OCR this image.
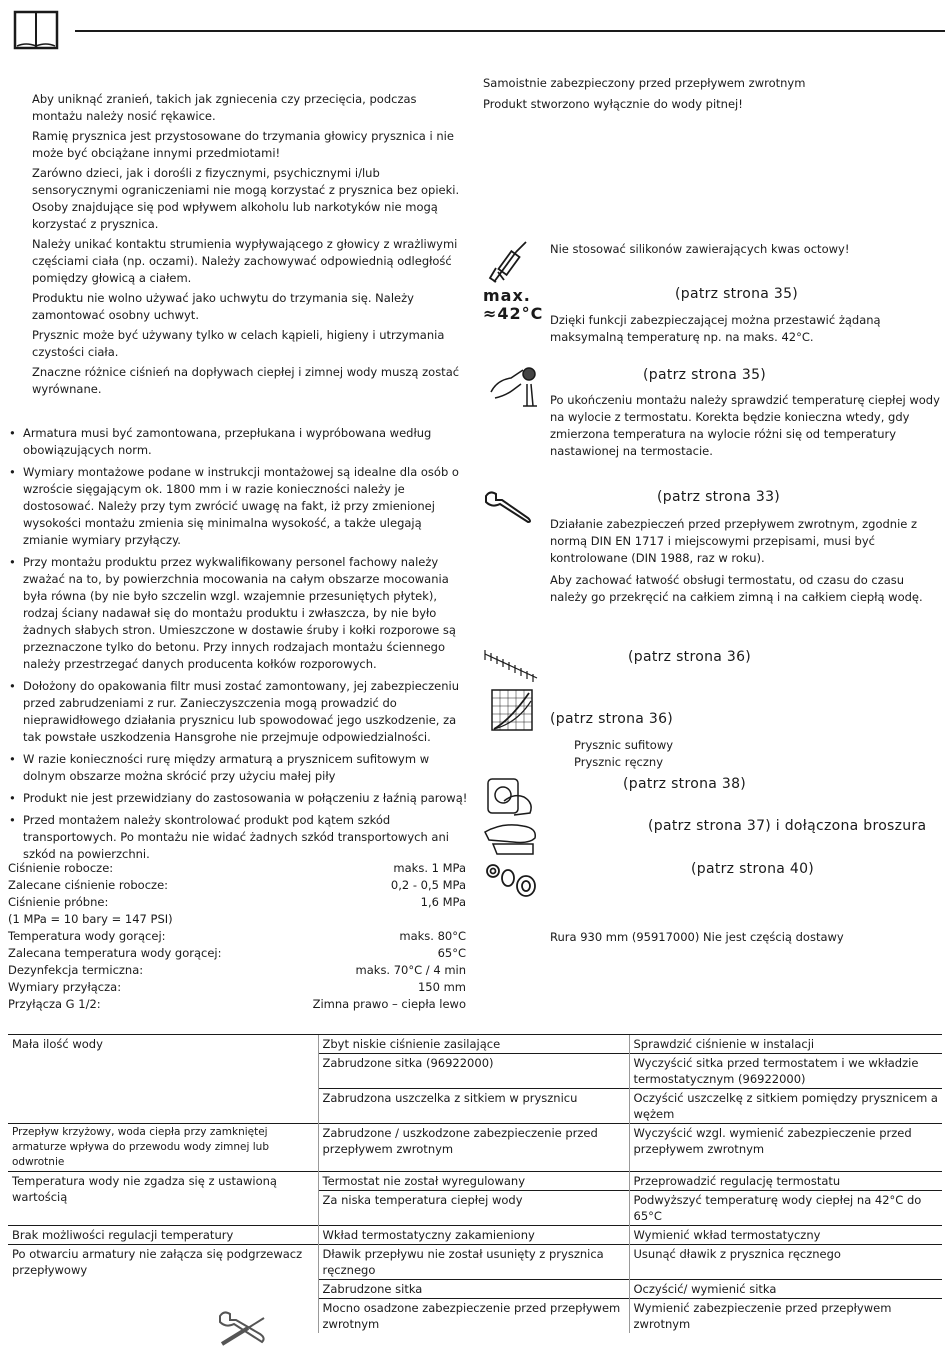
Aby uniknąć zranień, takich jak zgniecenia czy przecięcia, podczas montażu należy nosić rękawice.

Ramię prysznica jest przystosowane do trzymania głowicy prysznica i nie może być obciążane innymi przedmiotami!

Zarówno dzieci, jak i dorośli z fizycznymi, psychicznymi i/lub sensorycznymi ograniczeniami nie mogą korzystać z prysznica bez opieki. Osoby znajdujące się pod wpływem alkoholu lub narkotyków nie mogą korzystać z prysznica.

Należy unikać kontaktu strumienia wypływającego z głowicy z wrażliwymi częściami ciała (np. oczami). Należy zachowywać odpowiednią odległość pomiędzy głowicą a ciałem.

Produktu nie wolno używać jako uchwytu do trzymania się. Należy zamontować osobny uchwyt.

Prysznic może być używany tylko w celach kąpieli, higieny i utrzymania czystości ciała.

Znaczne różnice ciśnień na dopływach ciepłej i zimnej wody muszą zostać wyrównane.

• Armatura musi być zamontowana, przepłukana i wypróbowana według obowiązujących norm.
• Wymiary montażowe podane w instrukcji montażowej są idealne dla osób o wzroście sięgającym ok. 1800 mm i w razie konieczności należy je dostosować. Należy przy tym zwrócić uwagę na fakt, iż przy zmienionej wysokości montażu zmienia się minimalna wysokość, a także ulegają zmianie wymiary przyłączy.
• Przy montażu produktu przez wykwalifikowany personel fachowy należy zważać na to, by powierzchnia mocowania na całym obszarze mocowania była równa (by nie było szczelin wzgl. wzajemnie przesuniętych płytek), rodzaj ściany nadawał się do montażu produktu i zwłaszcza, by nie było żadnych słabych stron. Umieszczone w dostawie śruby i kołki rozporowe są przeznaczone tylko do betonu. Przy innych rodzajach montażu ściennego należy przestrzegać danych producenta kołków rozporowych.
• Dołożony do opakowania filtr musi zostać zamontowany, jej zabezpieczeniu przed zabrudzeniami z rur. Zanieczyszczenia mogą prowadzić do nieprawidłowego działania prysznicu lub spowodować jego uszkodzenie, za tak powstałe uszkodzenia Hansgrohe nie przejmuje odpowiedzialności.
• W razie konieczności rurę między armaturą a prysznicem sufitowym w dolnym obszarze można skrócić przy użyciu małej piły
• Produkt nie jest przewidziany do zastosowania w połączeniu z łaźnią parową!
• Przed montażem należy skontrolować produkt pod kątem szkód transportowych. Po montażu nie widać żadnych szkód transportowych ani szkód na powierzchni.
Ciśnienie robocze:	maks. 1 MPa
Zalecane ciśnienie robocze:	0,2 - 0,5 MPa
Ciśnienie próbne:	1,6 MPa
(1 MPa = 10 bary = 147 PSI)
Temperatura wody gorącej:	maks. 80°C
Zalecana temperatura wody gorącej:	65°C
Dezynfekcja termiczna:	maks. 70°C / 4 min
Wymiary przyłącza:	150 mm
Przyłącza G 1/2:	Zimna prawo – ciepła lewo

Samoistnie zabezpieczony przed przepływem zwrotnym

Produkt stworzono wyłącznie do wody pitnej!

Nie stosować silikonów zawierających kwas octowy!
max.
≈42°C
(patrz strona 35)
Dzięki funkcji zabezpieczającej można przestawić żądaną maksymalną temperaturę np. na maks. 42°C.
(patrz strona 35)
Po ukończeniu montażu należy sprawdzić temperaturę ciepłej wody na wylocie z termostatu. Korekta będzie konieczna wtedy, gdy zmierzona temperatura na wylocie różni się od temperatury nastawionej na termostacie.
(patrz strona 33)

Działanie zabezpieczeń przed przepływem zwrotnym, zgodnie z normą DIN EN 1717 i miejscowymi przepisami, musi być kontrolowane (DIN 1988, raz w roku).

Aby zachować łatwość obsługi termostatu, od czasu do czasu należy go przekręcić na całkiem zimną i na całkiem ciepłą wodę.

(patrz strona 36)
(patrz strona 36)
Prysznic sufitowy
Prysznic ręczny
(patrz strona 38)
(patrz strona 37) i dołączona broszura
(patrz strona 40)
Rura 930 mm (95917000) Nie jest częścią dostawy
Mała ilość wody	Zbyt niskie ciśnienie zasilające	Sprawdzić ciśnienie w instalacji
	Zabrudzone sitka (96922000)	Wyczyścić sitka przed termostatem i we wkładzie termostatycznym (96922000)
	Zabrudzona uszczelka z sitkiem w prysznicu	Oczyścić uszczelkę z sitkiem pomiędzy prysznicem a wężem
Przepływ krzyżowy, woda ciepła przy zamkniętej armaturze wpływa do przewodu wody zimnej lub odwrotnie	Zabrudzone / uszkodzone zabezpieczenie przed przepływem zwrotnym	Wyczyścić wzgl. wymienić zabezpieczenie przed przepływem zwrotnym
Temperatura wody nie zgadza się z ustawioną wartością	Termostat nie został wyregulowany	Przeprowadzić regulację termostatu
	Za niska temperatura ciepłej wody	Podwyższyć temperaturę wody ciepłej na 42°C do 65°C
Brak możliwości regulacji temperatury	Wkład termostatyczny zakamieniony	Wymienić wkład termostatyczny
Po otwarciu armatury nie załącza się podgrzewacz przepływowy	Dławik przepływu nie został usunięty z prysznica ręcznego	Usunąć dławik z prysznica ręcznego
	Zabrudzone sitka	Oczyścić/ wymienić sitka
	Mocno osadzone zabezpieczenie przed przepływem zwrotnym	Wymienić zabezpieczenie przed przepływem zwrotnym
